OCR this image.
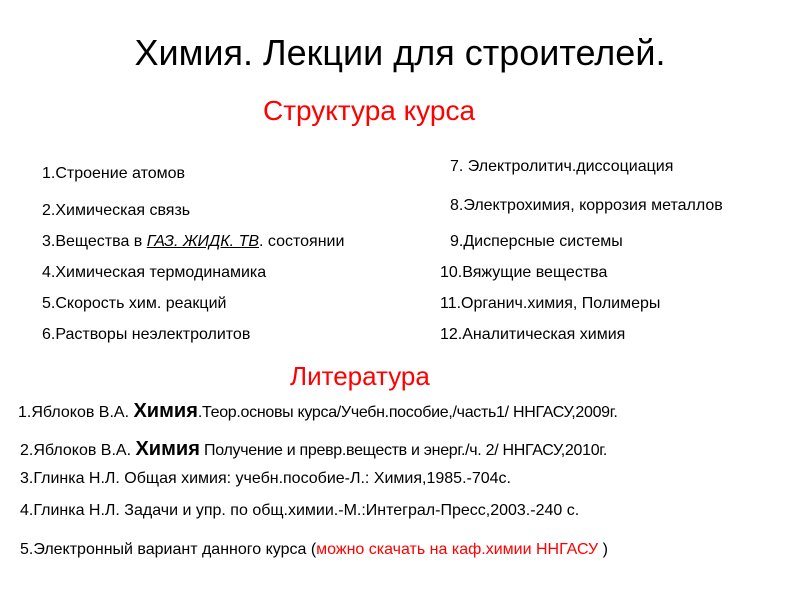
Химия. Лекции для строителей.
Структура курса
1.Строение атомов
2.Химическая связь
3.Вещества в ГАЗ. ЖИДК. ТВ. состоянии
4.Химическая термодинамика
5.Скорость хим. реакций
6.Растворы неэлектролитов
7. Электролитич.диссоциация
8.Электрохимия, коррозия металлов
9.Дисперсные системы
10.Вяжущие вещества
11.Органич.химия, Полимеры
12.Аналитическая химия
Литература
1.Яблоков В.А. Химия.Теор.основы курса/Учебн.пособие,/часть1/ ННГАСУ,2009г.
2.Яблоков В.А. Химия Получение и превр.веществ и энерг./ч. 2/ ННГАСУ,2010г.
3.Глинка Н.Л. Общая химия: учебн.пособие-Л.: Химия,1985.-704с.
4.Глинка Н.Л. Задачи и упр. по общ.химии.-М.:Интеграл-Пресс,2003.-240 с.
5.Электронный вариант данного курса (можно скачать на каф.химии ННГАСУ )
